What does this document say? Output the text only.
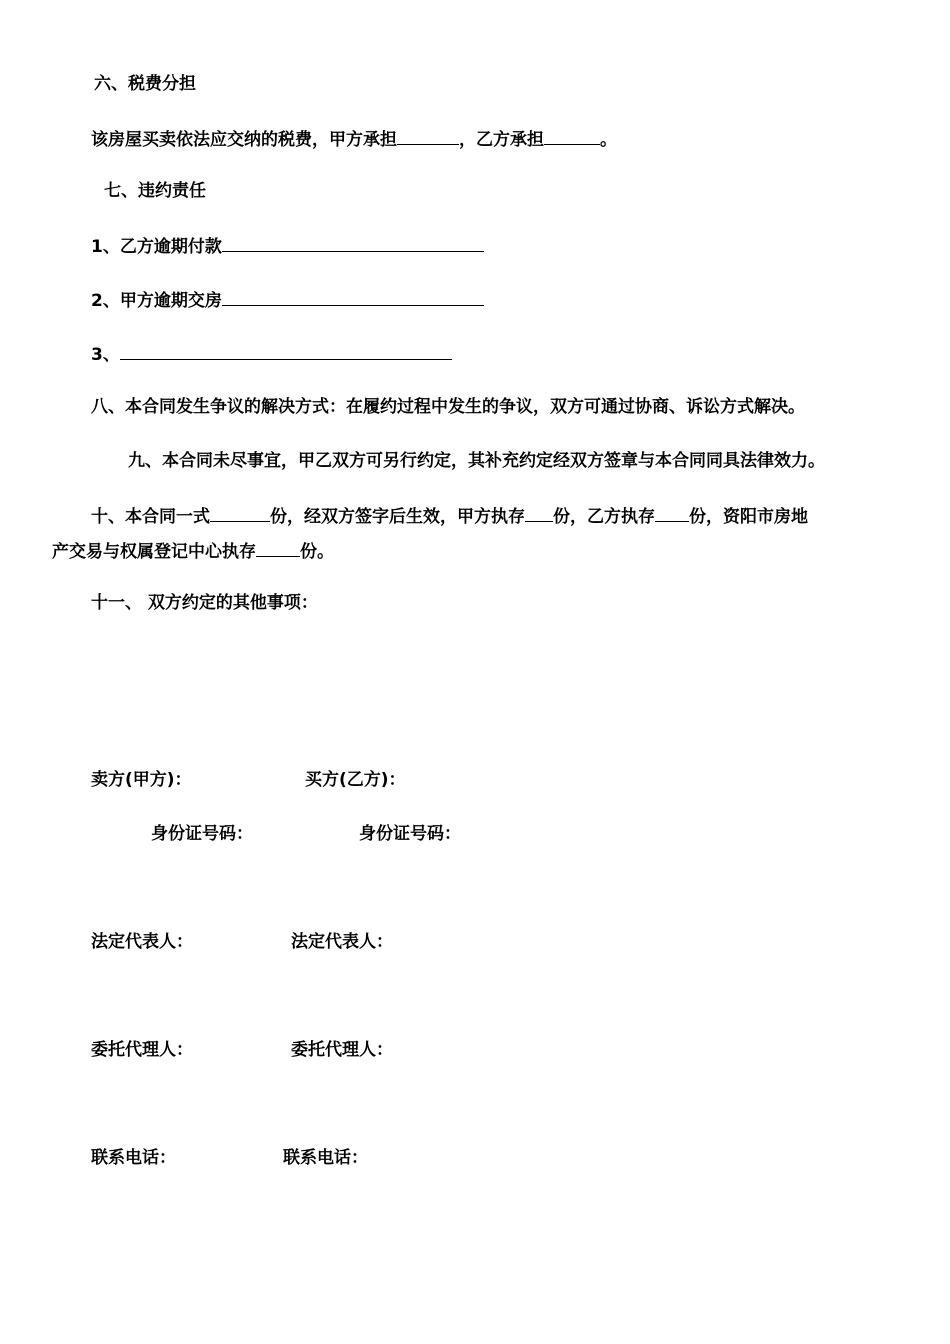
六、税费分担
该房屋买卖依法应交纳的税费，甲方承担	，乙方承担	。
七、违约责任
1、乙方逾期付款
2、甲方逾期交房
3、
八、本合同发生争议的解决方式：在履约过程中发生的争议，双方可通过协商、诉讼方式解决。
九、本合同未尽事宜，甲乙双方可另行约定，其补充约定经双方签章与本合同同具法律效力。
十、本合同一式	份，经双方签字后生效，甲方执存 份，乙方执存 份，资阳市房地
产交易与权属登记中心执存	份。
十一、 双方约定的其他事项：
卖方(甲方)：	买方(乙方)：
身份证号码：	身份证号码：
法定代表人：	法定代表人：
委托代理人：	委托代理人：
联系电话：	联系电话：
